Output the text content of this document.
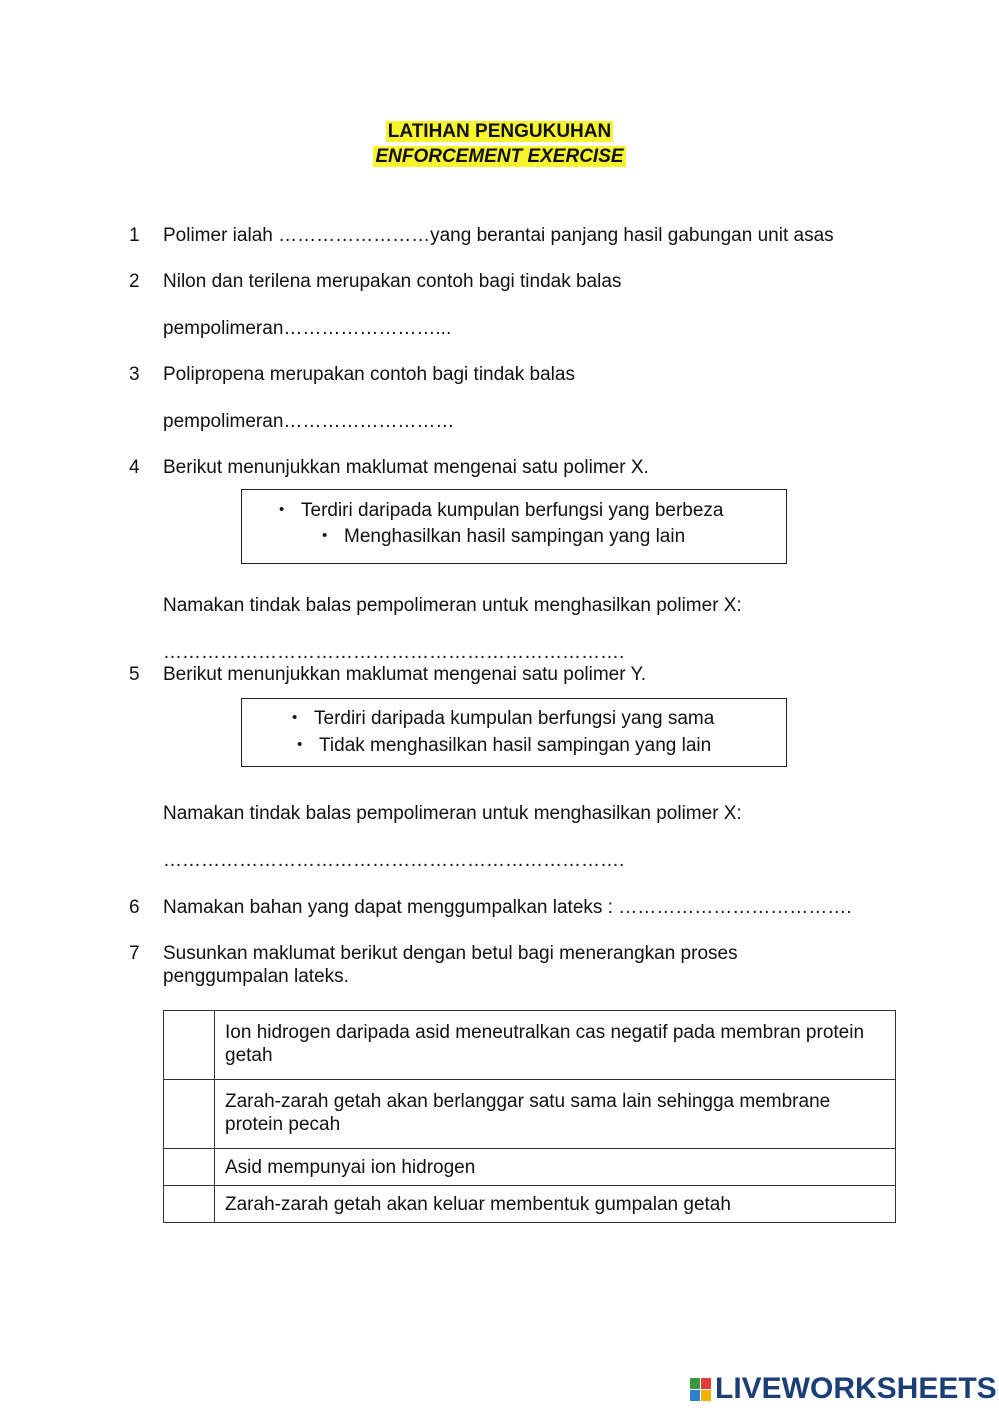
LATIHAN PENGUKUHAN
ENFORCEMENT EXERCISE
1 Polimer ialah ……………………yang berantai panjang hasil gabungan unit asas
2 Nilon dan terilena merupakan contoh bagi tindak balas
pempolimeran……………………...
3 Polipropena merupakan contoh bagi tindak balas
pempolimeran………………………
4 Berikut menunjukkan maklumat mengenai satu polimer X.
• Terdiri daripada kumpulan berfungsi yang berbeza
• Menghasilkan hasil sampingan yang lain
Namakan tindak balas pempolimeran untuk menghasilkan polimer X:
……………………………………………………………….
5 Berikut menunjukkan maklumat mengenai satu polimer Y.
• Terdiri daripada kumpulan berfungsi yang sama
• Tidak menghasilkan hasil sampingan yang lain
Namakan tindak balas pempolimeran untuk menghasilkan polimer X:
……………………………………………………………….
6 Namakan bahan yang dapat menggumpalkan lateks : ……………………………….
7 Susunkan maklumat berikut dengan betul bagi menerangkan proses
penggumpalan lateks.
	Ion hidrogen daripada asid meneutralkan cas negatif pada membran protein getah
	Zarah-zarah getah akan berlanggar satu sama lain sehingga membrane protein pecah
	Asid mempunyai ion hidrogen
	Zarah-zarah getah akan keluar membentuk gumpalan getah
LIVEWORKSHEETS
